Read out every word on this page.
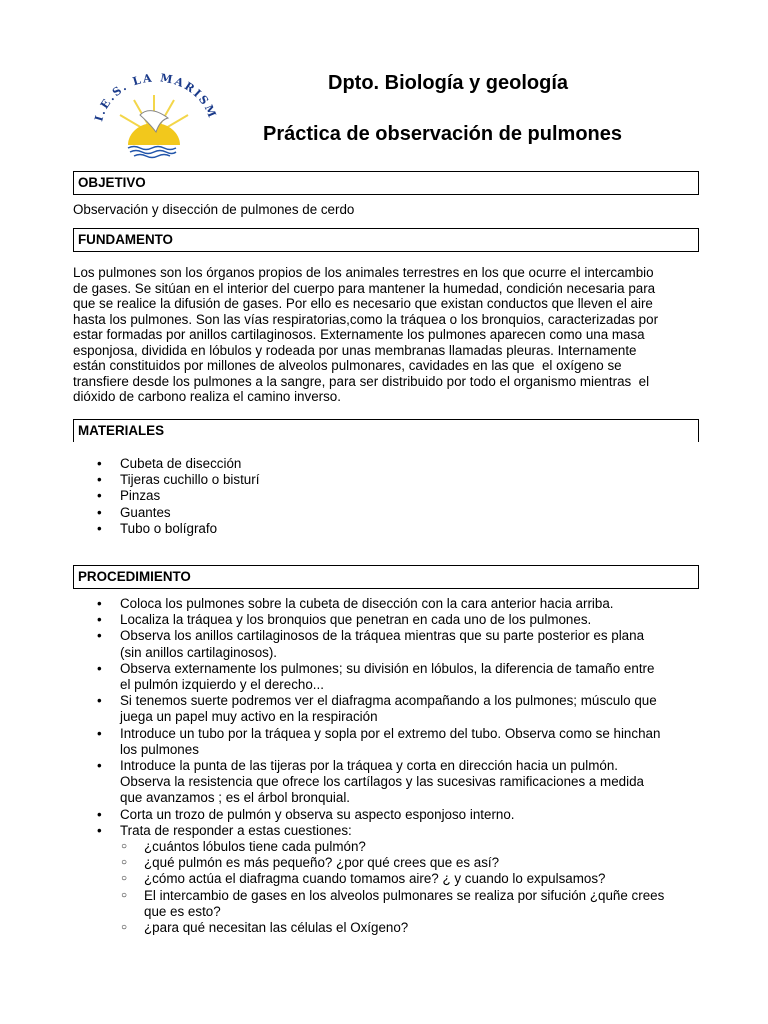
I.E.S. LA MARISM
Dpto. Biología y geología
Práctica de observación de pulmones
OBJETIVO
Observación y disección de pulmones de cerdo
FUNDAMENTO
Los pulmones son los órganos propios de los animales terrestres en los que ocurre el intercambio
de gases. Se sitúan en el interior del cuerpo para mantener la humedad, condición necesaria para
que se realice la difusión de gases. Por ello es necesario que existan conductos que lleven el aire
hasta los pulmones. Son las vías respiratorias,como la tráquea o los bronquios, caracterizadas por
estar formadas por anillos cartilaginosos. Externamente los pulmones aparecen como una masa
esponjosa, dividida en lóbulos y rodeada por unas membranas llamadas pleuras. Internamente
están constituidos por millones de alveolos pulmonares, cavidades en las que  el oxígeno se
transfiere desde los pulmones a la sangre, para ser distribuido por todo el organismo mientras  el
dióxido de carbono realiza el camino inverso.
MATERIALES
• Cubeta de disección
• Tijeras cuchillo o bisturí
• Pinzas
• Guantes
• Tubo o bolígrafo
PROCEDIMIENTO
• Coloca los pulmones sobre la cubeta de disección con la cara anterior hacia arriba.
• Localiza la tráquea y los bronquios que penetran en cada uno de los pulmones.
• Observa los anillos cartilaginosos de la tráquea mientras que su parte posterior es plana
(sin anillos cartilaginosos).
• Observa externamente los pulmones; su división en lóbulos, la diferencia de tamaño entre
el pulmón izquierdo y el derecho...
• Si tenemos suerte podremos ver el diafragma acompañando a los pulmones; músculo que
juega un papel muy activo en la respiración
• Introduce un tubo por la tráquea y sopla por el extremo del tubo. Observa como se hinchan
los pulmones
• Introduce la punta de las tijeras por la tráquea y corta en dirección hacia un pulmón.
Observa la resistencia que ofrece los cartílagos y las sucesivas ramificaciones a medida
que avanzamos ; es el árbol bronquial.
• Corta un trozo de pulmón y observa su aspecto esponjoso interno.
• Trata de responder a estas cuestiones:
○ ¿cuántos lóbulos tiene cada pulmón?
○ ¿qué pulmón es más pequeño? ¿por qué crees que es así?
○ ¿cómo actúa el diafragma cuando tomamos aire? ¿ y cuando lo expulsamos?
○ El intercambio de gases en los alveolos pulmonares se realiza por sifución ¿quñe crees
que es esto?
○ ¿para qué necesitan las células el Oxígeno?
